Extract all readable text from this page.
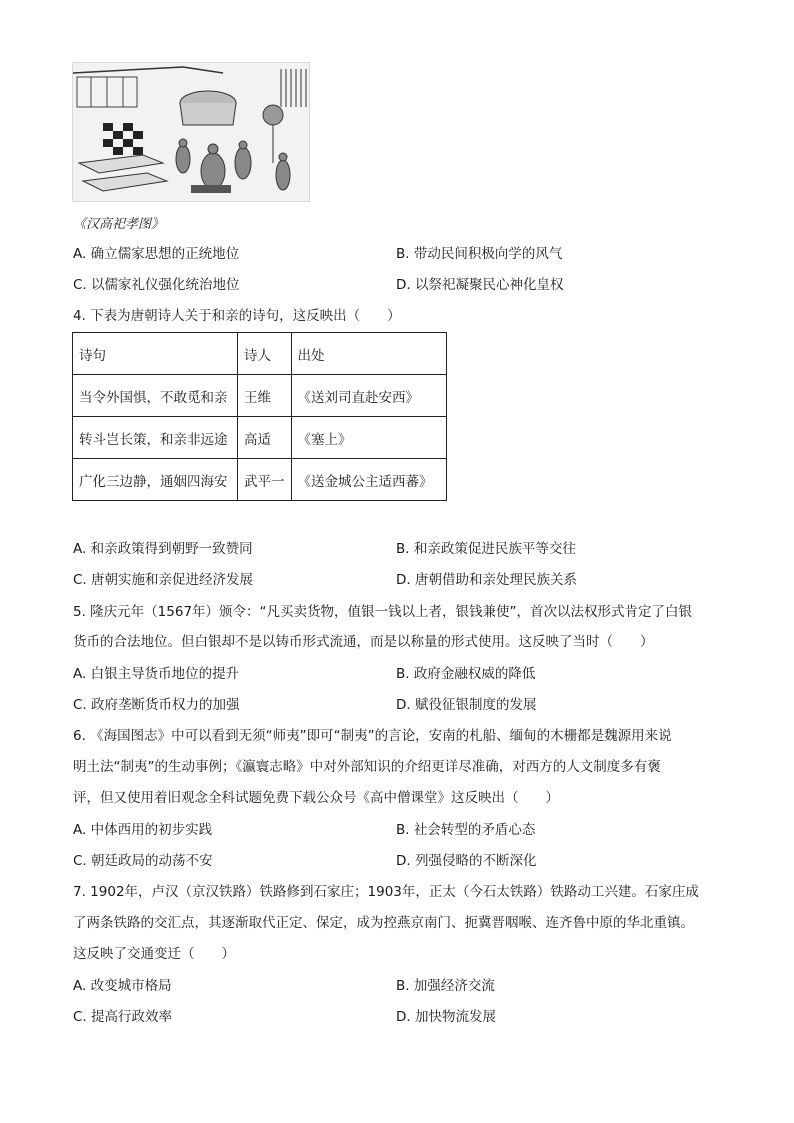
《汉高祀孝图》
A. 确立儒家思想的正统地位	B. 带动民间积极向学的风气
C. 以儒家礼仪强化统治地位	D. 以祭祀凝聚民心神化皇权
4. 下表为唐朝诗人关于和亲的诗句，这反映出（　　）
诗句	诗人	出处
当令外国惧，不敢觅和亲	王维	《送刘司直赴安西》
转斗岂长策，和亲非远途	高适	《塞上》
广化三边静，通姻四海安	武平一	《送金城公主适西蕃》
A. 和亲政策得到朝野一致赞同	B. 和亲政策促进民族平等交往
C. 唐朝实施和亲促进经济发展	D. 唐朝借助和亲处理民族关系
5. 隆庆元年（1567年）颁令：“凡买卖货物，值银一钱以上者，银钱兼使”，首次以法权形式肯定了白银
货币的合法地位。但白银却不是以铸币形式流通，而是以称量的形式使用。这反映了当时（　　）
A. 白银主导货币地位的提升	B. 政府金融权威的降低
C. 政府垄断货币权力的加强	D. 赋役征银制度的发展
6. 《海国图志》中可以看到无须“师夷”即可“制夷”的言论，安南的札船、缅甸的木栅都是魏源用来说
明土法“制夷”的生动事例；《瀛寰志略》中对外部知识的介绍更详尽准确，对西方的人文制度多有褒
评，但又使用着旧观念全科试题免费下载公众号《高中僧课堂》这反映出（　　）
A. 中体西用的初步实践	B. 社会转型的矛盾心态
C. 朝廷政局的动荡不安	D. 列强侵略的不断深化
7. 1902年，卢汉（京汉铁路）铁路修到石家庄；1903年，正太（今石太铁路）铁路动工兴建。石家庄成
了两条铁路的交汇点，其逐渐取代正定、保定，成为控燕京南门、扼冀晋咽喉、连齐鲁中原的华北重镇。
这反映了交通变迁（　　）
A. 改变城市格局	B. 加强经济交流
C. 提高行政效率	D. 加快物流发展
